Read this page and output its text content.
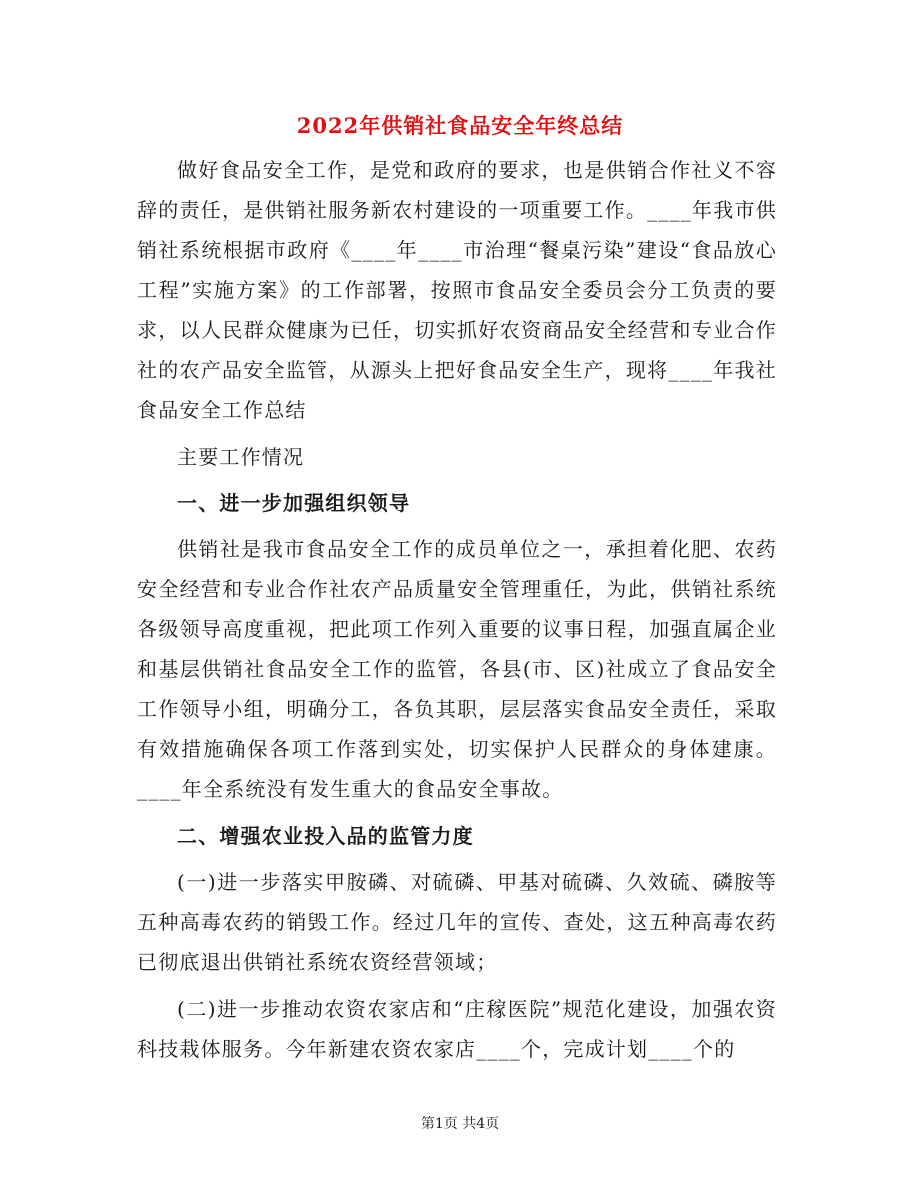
2022年供销社食品安全年终总结

做好食品安全工作，是党和政府的要求，也是供销合作社义不容辞的责任，是供销社服务新农村建设的一项重要工作。____年我市供销社系统根据市政府《____年____市治理“餐桌污染”建设“食品放心工程”实施方案》的工作部署，按照市食品安全委员会分工负责的要求，以人民群众健康为已任，切实抓好农资商品安全经营和专业合作社的农产品安全监管，从源头上把好食品安全生产，现将____年我社食品安全工作总结

主要工作情况

一、进一步加强组织领导

供销社是我市食品安全工作的成员单位之一，承担着化肥、农药安全经营和专业合作社农产品质量安全管理重任，为此，供销社系统各级领导高度重视，把此项工作列入重要的议事日程，加强直属企业和基层供销社食品安全工作的监管，各县(市、区)社成立了食品安全工作领导小组，明确分工，各负其职，层层落实食品安全责任，采取有效措施确保各项工作落到实处，切实保护人民群众的身体建康。____年全系统没有发生重大的食品安全事故。

二、增强农业投入品的监管力度

(一)进一步落实甲胺磷、对硫磷、甲基对硫磷、久效硫、磷胺等五种高毒农药的销毁工作。经过几年的宣传、查处，这五种高毒农药已彻底退出供销社系统农资经营领域；

(二)进一步推动农资农家店和“庄稼医院”规范化建设，加强农资科技栽体服务。今年新建农资农家店____个，完成计划____个的

第1页 共4页
